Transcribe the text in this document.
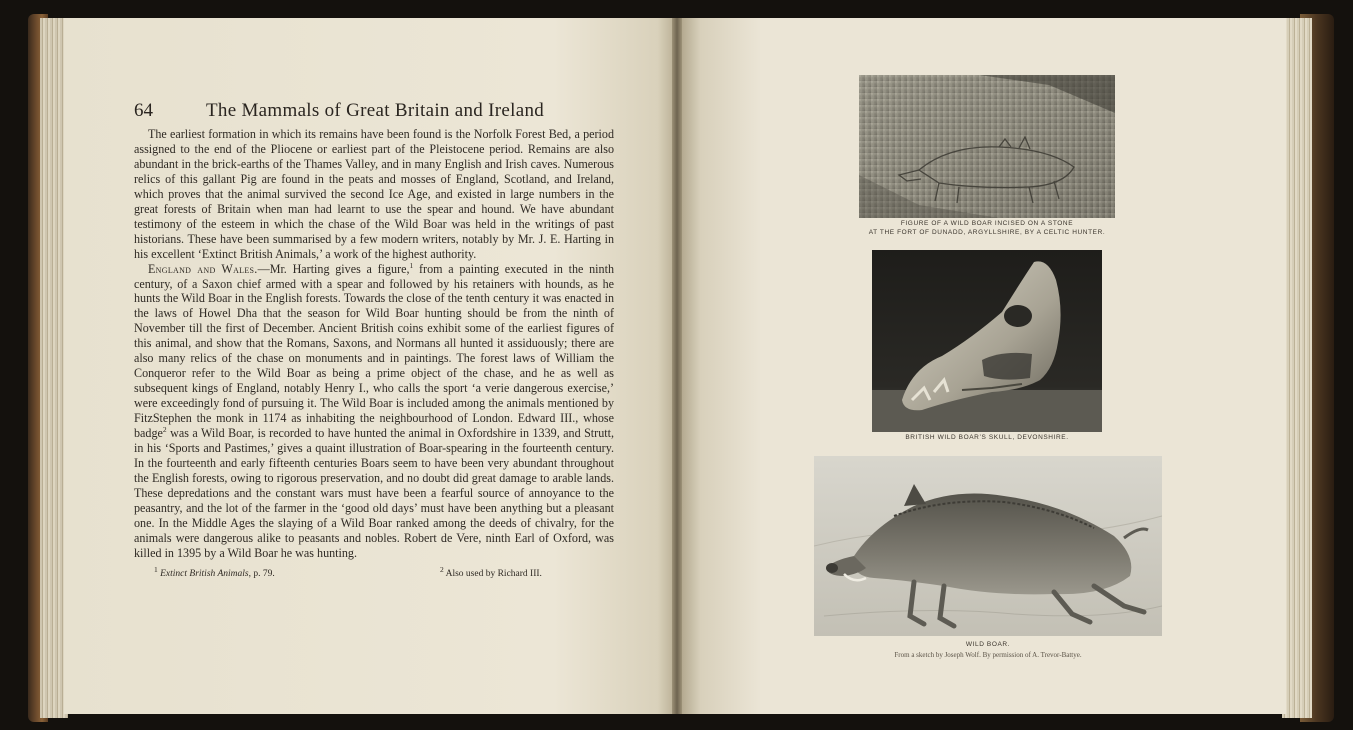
64	The Mammals of Great Britain and Ireland

The earliest formation in which its remains have been found is the Norfolk Forest Bed, a period assigned to the end of the Pliocene or earliest part of the Pleistocene period. Remains are also abundant in the brick-earths of the Thames Valley, and in many English and Irish caves. Numerous relics of this gallant Pig are found in the peats and mosses of England, Scotland, and Ireland, which proves that the animal survived the second Ice Age, and existed in large numbers in the great forests of Britain when man had learnt to use the spear and hound. We have abundant testimony of the esteem in which the chase of the Wild Boar was held in the writings of past historians. These have been summarised by a few modern writers, notably by Mr. J. E. Harting in his excellent ‘Extinct British Animals,’ a work of the highest authority.

England and Wales.—Mr. Harting gives a figure,$^1$ from a painting executed in the ninth century, of a Saxon chief armed with a spear and followed by his retainers with hounds, as he hunts the Wild Boar in the English forests. Towards the close of the tenth century it was enacted in the laws of Howel Dha that the season for Wild Boar hunting should be from the ninth of November till the first of December. Ancient British coins exhibit some of the earliest figures of this animal, and show that the Romans, Saxons, and Normans all hunted it assiduously; there are also many relics of the chase on monuments and in paintings. The forest laws of William the Conqueror refer to the Wild Boar as being a prime object of the chase, and he as well as subsequent kings of England, notably Henry I., who calls the sport ‘a verie dangerous exercise,’ were exceedingly fond of pursuing it. The Wild Boar is included among the animals mentioned by FitzStephen the monk in 1174 as inhabiting the neighbourhood of London. Edward III., whose badge$^2$ was a Wild Boar, is recorded to have hunted the animal in Oxfordshire in 1339, and Strutt, in his ‘Sports and Pastimes,’ gives a quaint illustration of Boar-spearing in the fourteenth century. In the fourteenth and early fifteenth centuries Boars seem to have been very abundant throughout the English forests, owing to rigorous preservation, and no doubt did great damage to arable lands. These depredations and the constant wars must have been a fearful source of annoyance to the peasantry, and the lot of the farmer in the ‘good old days’ must have been anything but a pleasant one. In the Middle Ages the slaying of a Wild Boar ranked among the deeds of chivalry, for the animals were dangerous alike to peasants and nobles. Robert de Vere, ninth Earl of Oxford, was killed in 1395 by a Wild Boar he was hunting.

$^1$ Extinct British Animals, p. 79.	$^2$ Also used by Richard III.
FIGURE OF A WILD BOAR INCISED ON A STONE
AT THE FORT OF DUNADD, ARGYLLSHIRE, BY A CELTIC HUNTER.
BRITISH WILD BOAR’S SKULL, DEVONSHIRE.
WILD BOAR.
From a sketch by Joseph Wolf. By permission of A. Trevor-Battye.
